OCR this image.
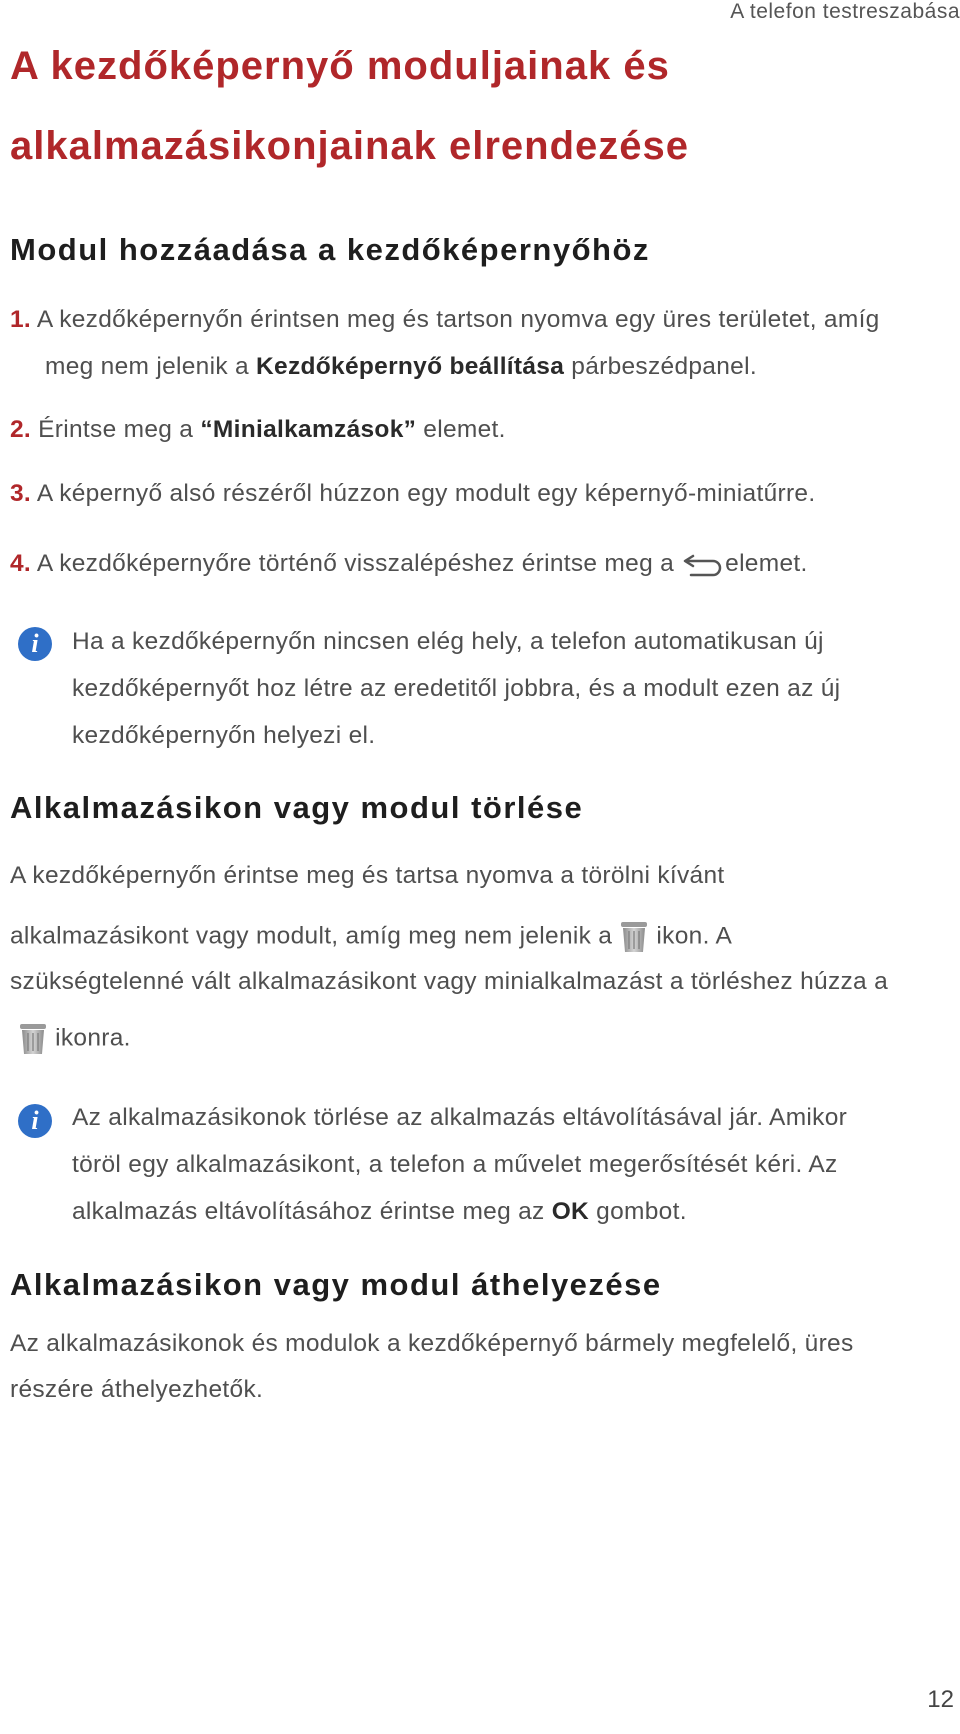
A telefon testreszabása
A kezdőképernyő moduljainak és
alkalmazásikonjainak elrendezése
Modul hozzáadása a kezdőképernyőhöz
1. A kezdőképernyőn érintsen meg és tartson nyomva egy üres területet, amíg
meg nem jelenik a Kezdőképernyő beállítása párbeszédpanel.
2. Érintse meg a “Minialkamzások” elemet.
3. A képernyő alsó részéről húzzon egy modult egy képernyő-miniatűrre.
4. A kezdőképernyőre történő visszalépéshez érintse meg a elemet.
i	Ha a kezdőképernyőn nincsen elég hely, a telefon automatikusan új
kezdőképernyőt hoz létre az eredetitől jobbra, és a modult ezen az új
kezdőképernyőn helyezi el.
Alkalmazásikon vagy modul törlése
A kezdőképernyőn érintse meg és tartsa nyomva a törölni kívánt
alkalmazásikont vagy modult, amíg meg nem jelenik a  ikon. A
szükségtelenné vált alkalmazásikont vagy minialkalmazást a törléshez húzza a
ikonra.
i	Az alkalmazásikonok törlése az alkalmazás eltávolításával jár. Amikor
töröl egy alkalmazásikont, a telefon a művelet megerősítését kéri. Az
alkalmazás eltávolításához érintse meg az OK gombot.
Alkalmazásikon vagy modul áthelyezése
Az alkalmazásikonok és modulok a kezdőképernyő bármely megfelelő, üres
részére áthelyezhetők.
12
